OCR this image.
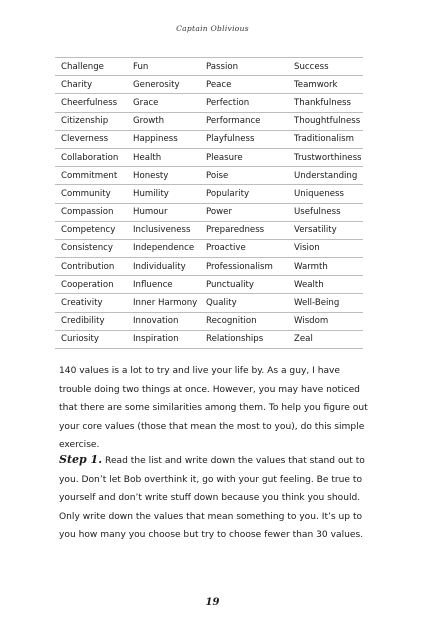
Captain Oblivious
Challenge	Fun	Passion	Success
Charity	Generosity	Peace	Teamwork
Cheerfulness	Grace	Perfection	Thankfulness
Citizenship	Growth	Performance	Thoughtfulness
Cleverness	Happiness	Playfulness	Traditionalism
Collaboration	Health	Pleasure	Trustworthiness
Commitment	Honesty	Poise	Understanding
Community	Humility	Popularity	Uniqueness
Compassion	Humour	Power	Usefulness
Competency	Inclusiveness	Preparedness	Versatility
Consistency	Independence	Proactive	Vision
Contribution	Individuality	Professionalism	Warmth
Cooperation	Influence	Punctuality	Wealth
Creativity	Inner Harmony	Quality	Well-Being
Credibility	Innovation	Recognition	Wisdom
Curiosity	Inspiration	Relationships	Zeal

140 values is a lot to try and live your life by. As a guy, I have trouble doing two things at once. However, you may have noticed that there are some similarities among them. To help you figure out your core values (those that mean the most to you), do this simple exercise.

Step 1. Read the list and write down the values that stand out to you. Don’t let Bob overthink it, go with your gut feeling. Be true to yourself and don’t write stuff down because you think you should. Only write down the values that mean something to you. It’s up to you how many you choose but try to choose fewer than 30 values.

19
